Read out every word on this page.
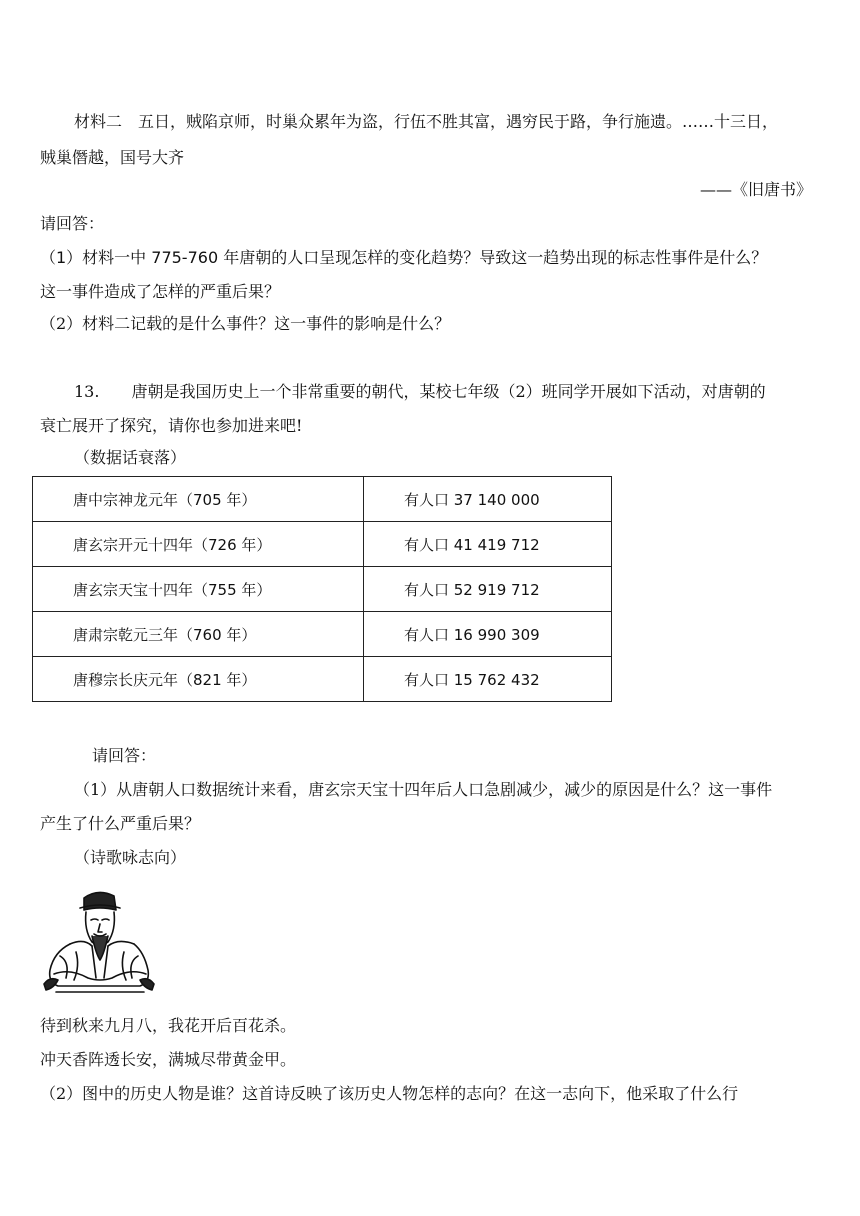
材料二　五日，贼陷京师，时巢众累年为盗，行伍不胜其富，遇穷民于路，争行施遗。……十三日，
贼巢僭越，国号大齐
——《旧唐书》
请回答：
（1）材料一中 775-760 年唐朝的人口呈现怎样的变化趋势？导致这一趋势出现的标志性事件是什么？
这一事件造成了怎样的严重后果？
（2）材料二记载的是什么事件？这一事件的影响是什么？
13.　　唐朝是我国历史上一个非常重要的朝代，某校七年级（2）班同学开展如下活动，对唐朝的
衰亡展开了探究，请你也参加进来吧!
（数据话衰落）
唐中宗神龙元年（705 年）	有人口 37 140 000
唐玄宗开元十四年（726 年）	有人口 41 419 712
唐玄宗天宝十四年（755 年）	有人口 52 919 712
唐肃宗乾元三年（760 年）	有人口 16 990 309
唐穆宗长庆元年（821 年）	有人口 15 762 432
请回答：
（1）从唐朝人口数据统计来看，唐玄宗天宝十四年后人口急剧减少，减少的原因是什么？这一事件
产生了什么严重后果？
（诗歌咏志向）
待到秋来九月八，我花开后百花杀。
冲天香阵透长安，满城尽带黄金甲。
（2）图中的历史人物是谁？这首诗反映了该历史人物怎样的志向？在这一志向下，他采取了什么行
